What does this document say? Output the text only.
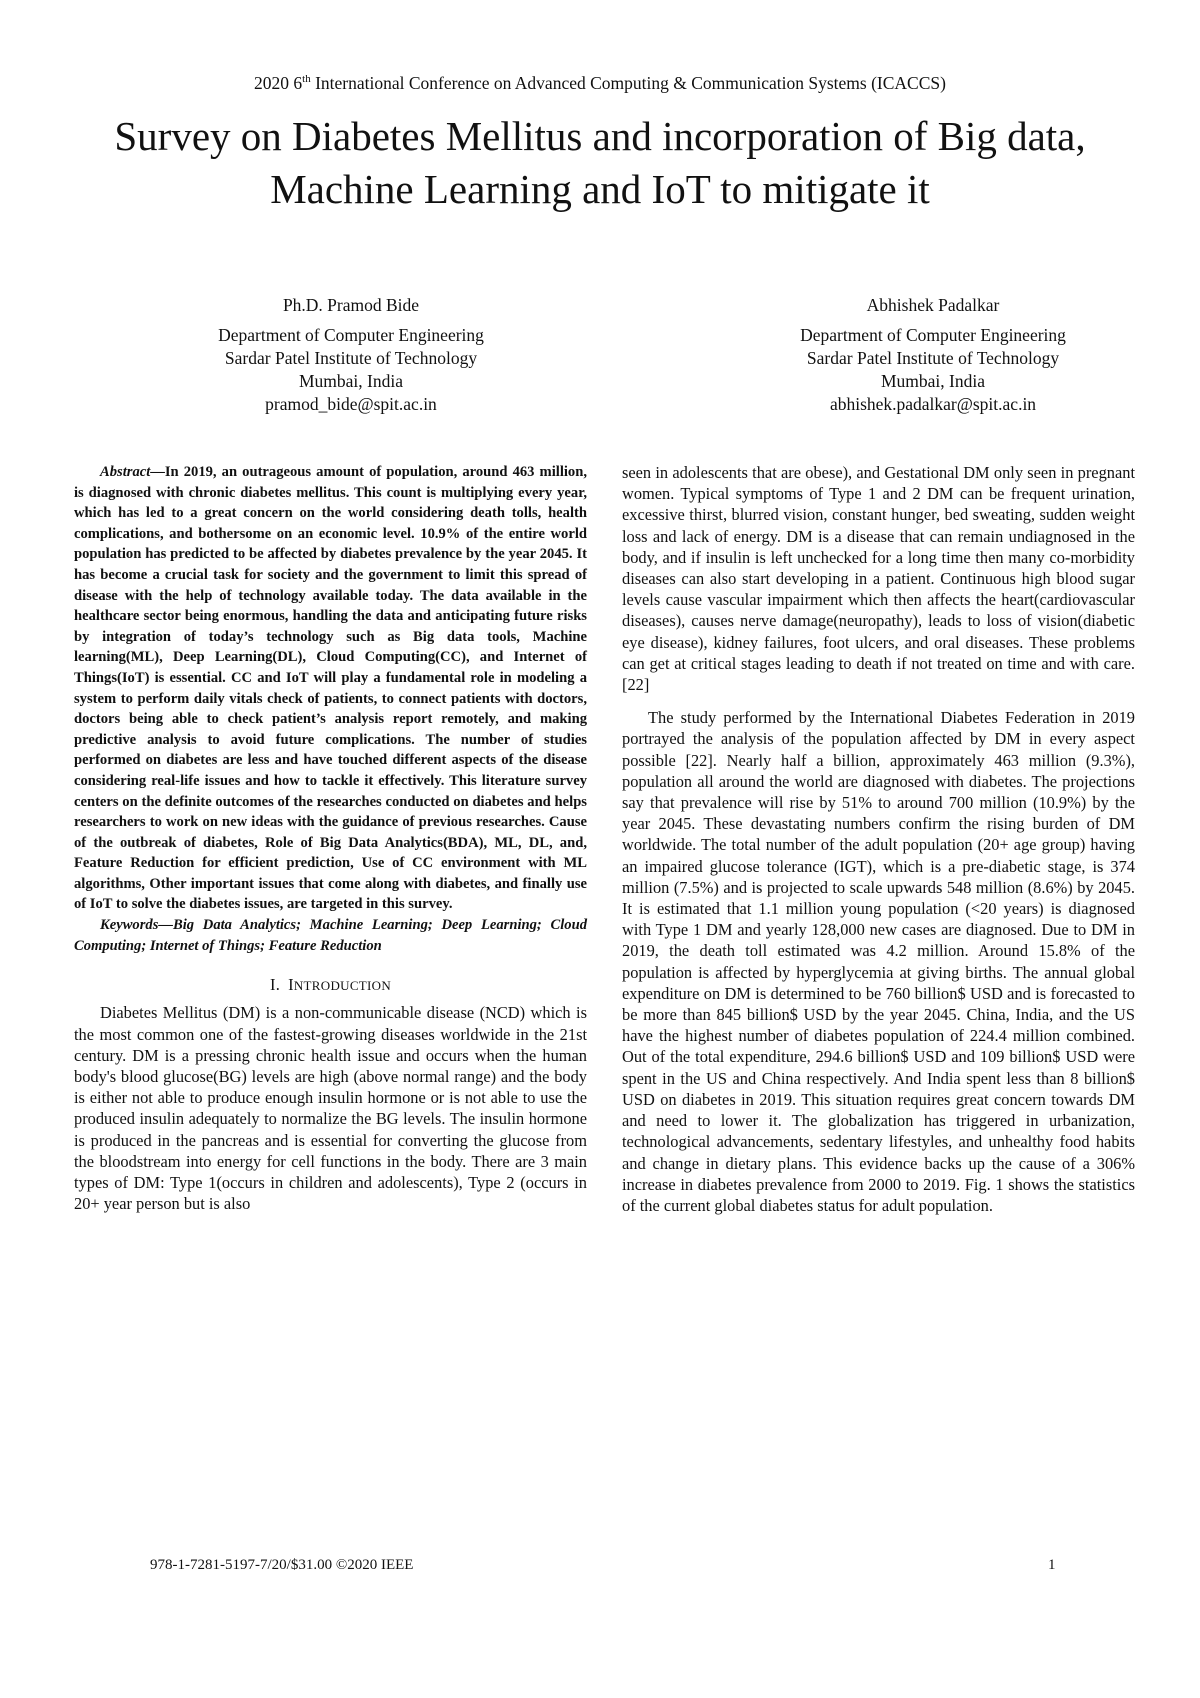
2020 6th International Conference on Advanced Computing & Communication Systems (ICACCS)
Survey on Diabetes Mellitus and incorporation of Big data, Machine Learning and IoT to mitigate it
Ph.D. Pramod Bide
Department of Computer Engineering
Sardar Patel Institute of Technology
Mumbai, India
pramod_bide@spit.ac.in
Abhishek Padalkar
Department of Computer Engineering
Sardar Patel Institute of Technology
Mumbai, India
abhishek.padalkar@spit.ac.in

Abstract—In 2019, an outrageous amount of population, around 463 million, is diagnosed with chronic diabetes mellitus. This count is multiplying every year, which has led to a great concern on the world considering death tolls, health complications, and bothersome on an economic level. 10.9% of the entire world population has predicted to be affected by diabetes prevalence by the year 2045. It has become a crucial task for society and the government to limit this spread of disease with the help of technology available today. The data available in the healthcare sector being enormous, handling the data and anticipating future risks by integration of today’s technology such as Big data tools, Machine learning(ML), Deep Learning(DL), Cloud Computing(CC), and Internet of Things(IoT) is essential. CC and IoT will play a fundamental role in modeling a system to perform daily vitals check of patients, to connect patients with doctors, doctors being able to check patient’s analysis report remotely, and making predictive analysis to avoid future complications. The number of studies performed on diabetes are less and have touched different aspects of the disease considering real-life issues and how to tackle it effectively. This literature survey centers on the definite outcomes of the researches conducted on diabetes and helps researchers to work on new ideas with the guidance of previous researches. Cause of the outbreak of diabetes, Role of Big Data Analytics(BDA), ML, DL, and, Feature Reduction for efficient prediction, Use of CC environment with ML algorithms, Other important issues that come along with diabetes, and finally use of IoT to solve the diabetes issues, are targeted in this survey.

Keywords—Big Data Analytics; Machine Learning; Deep Learning; Cloud Computing; Internet of Things; Feature Reduction

I. INTRODUCTION

Diabetes Mellitus (DM) is a non-communicable disease (NCD) which is the most common one of the fastest-growing diseases worldwide in the 21st century. DM is a pressing chronic health issue and occurs when the human body's blood glucose(BG) levels are high (above normal range) and the body is either not able to produce enough insulin hormone or is not able to use the produced insulin adequately to normalize the BG levels. The insulin hormone is produced in the pancreas and is essential for converting the glucose from the bloodstream into energy for cell functions in the body. There are 3 main types of DM: Type 1(occurs in children and adolescents), Type 2 (occurs in 20+ year person but is also

seen in adolescents that are obese), and Gestational DM only seen in pregnant women. Typical symptoms of Type 1 and 2 DM can be frequent urination, excessive thirst, blurred vision, constant hunger, bed sweating, sudden weight loss and lack of energy. DM is a disease that can remain undiagnosed in the body, and if insulin is left unchecked for a long time then many co-morbidity diseases can also start developing in a patient. Continuous high blood sugar levels cause vascular impairment which then affects the heart(cardiovascular diseases), causes nerve damage(neuropathy), leads to loss of vision(diabetic eye disease), kidney failures, foot ulcers, and oral diseases. These problems can get at critical stages leading to death if not treated on time and with care. [22]

The study performed by the International Diabetes Federation in 2019 portrayed the analysis of the population affected by DM in every aspect possible [22]. Nearly half a billion, approximately 463 million (9.3%), population all around the world are diagnosed with diabetes. The projections say that prevalence will rise by 51% to around 700 million (10.9%) by the year 2045. These devastating numbers confirm the rising burden of DM worldwide. The total number of the adult population (20+ age group) having an impaired glucose tolerance (IGT), which is a pre-diabetic stage, is 374 million (7.5%) and is projected to scale upwards 548 million (8.6%) by 2045. It is estimated that 1.1 million young population (<20 years) is diagnosed with Type 1 DM and yearly 128,000 new cases are diagnosed. Due to DM in 2019, the death toll estimated was 4.2 million. Around 15.8% of the population is affected by hyperglycemia at giving births. The annual global expenditure on DM is determined to be 760 billion$ USD and is forecasted to be more than 845 billion$ USD by the year 2045. China, India, and the US have the highest number of diabetes population of 224.4 million combined. Out of the total expenditure, 294.6 billion$ USD and 109 billion$ USD were spent in the US and China respectively. And India spent less than 8 billion$ USD on diabetes in 2019. This situation requires great concern towards DM and need to lower it. The globalization has triggered in urbanization, technological advancements, sedentary lifestyles, and unhealthy food habits and change in dietary plans. This evidence backs up the cause of a 306% increase in diabetes prevalence from 2000 to 2019. Fig. 1 shows the statistics of the current global diabetes status for adult population.

978-1-7281-5197-7/20/$31.00 ©2020 IEEE	1
